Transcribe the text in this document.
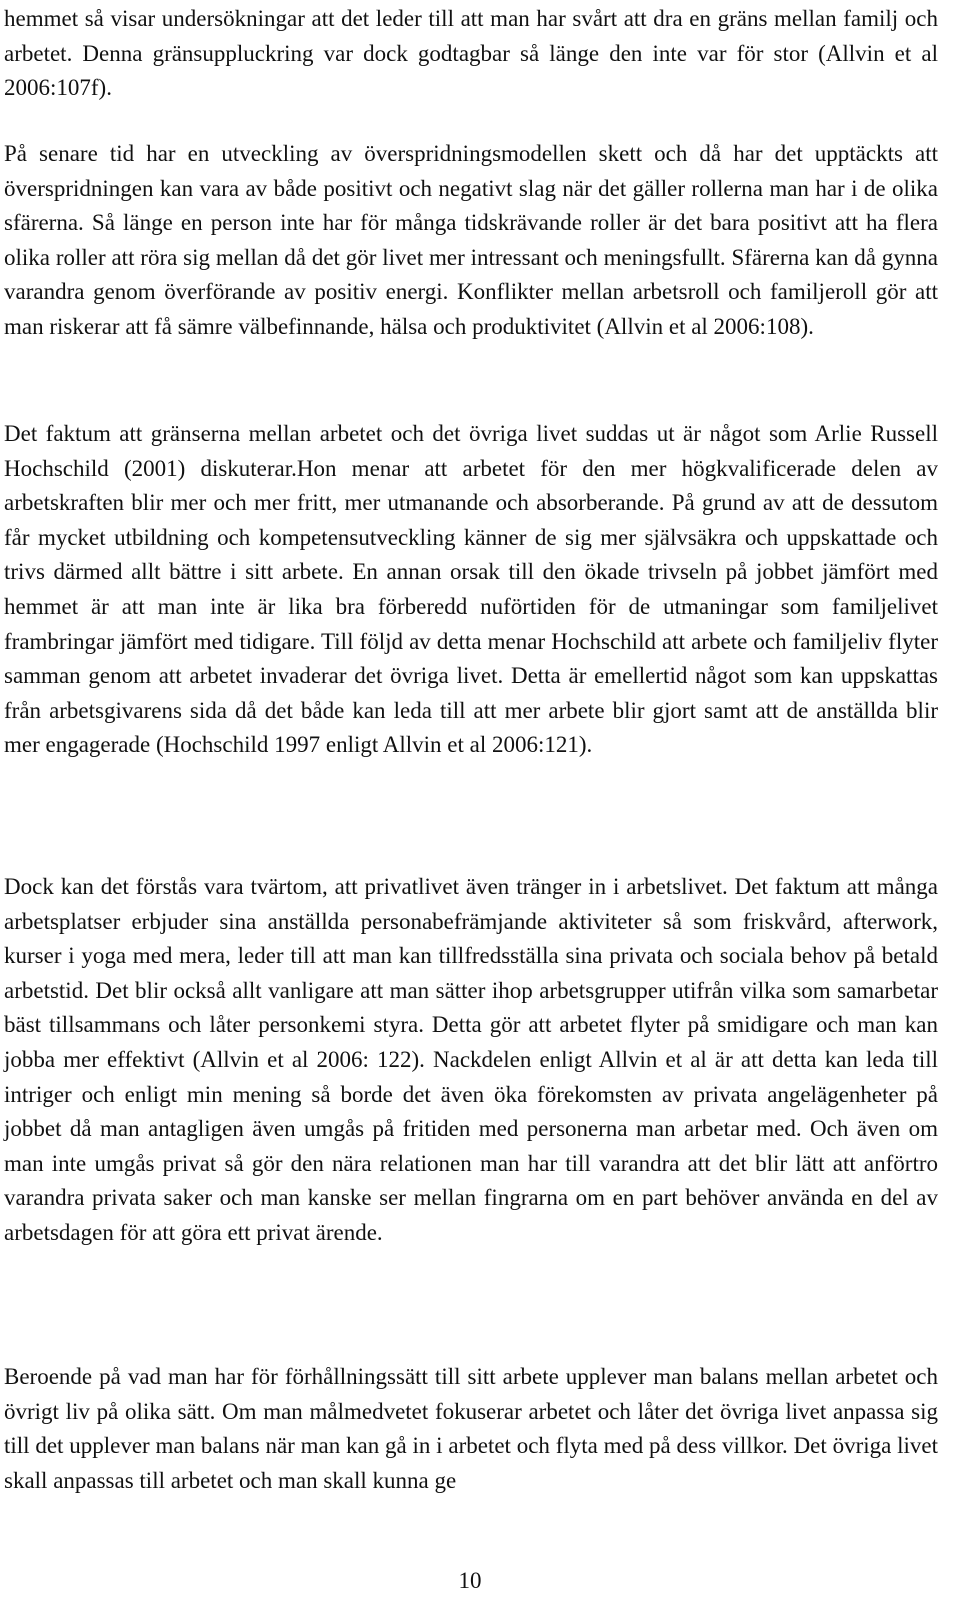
hemmet så visar undersökningar att det leder till att man har svårt att dra en gräns mellan familj och arbetet. Denna gränsuppluckring var dock godtagbar så länge den inte var för stor (Allvin et al 2006:107f).

På senare tid har en utveckling av överspridningsmodellen skett och då har det upptäckts att överspridningen kan vara av både positivt och negativt slag när det gäller rollerna man har i de olika sfärerna. Så länge en person inte har för många tidskrävande roller är det bara positivt att ha flera olika roller att röra sig mellan då det gör livet mer intressant och meningsfullt. Sfärerna kan då gynna varandra genom överförande av positiv energi. Konflikter mellan arbetsroll och familjeroll gör att man riskerar att få sämre välbefinnande, hälsa och produktivitet (Allvin et al 2006:108).

Det faktum att gränserna mellan arbetet och det övriga livet suddas ut är något som Arlie Russell Hochschild (2001) diskuterar.Hon menar att arbetet för den mer högkvalificerade delen av arbetskraften blir mer och mer fritt, mer utmanande och absorberande. På grund av att de dessutom får mycket utbildning och kompetensutveckling känner de sig mer självsäkra och uppskattade och trivs därmed allt bättre i sitt arbete. En annan orsak till den ökade trivseln på jobbet jämfört med hemmet är att man inte är lika bra förberedd nuförtiden för de utmaningar som familjelivet frambringar jämfört med tidigare. Till följd av detta menar Hochschild att arbete och familjeliv flyter samman genom att arbetet invaderar det övriga livet. Detta är emellertid något som kan uppskattas från arbetsgivarens sida då det både kan leda till att mer arbete blir gjort samt att de anställda blir mer engagerade (Hochschild 1997 enligt Allvin et al 2006:121).

Dock kan det förstås vara tvärtom, att privatlivet även tränger in i arbetslivet. Det faktum att många arbetsplatser erbjuder sina anställda personabefrämjande aktiviteter så som friskvård, afterwork, kurser i yoga med mera, leder till att man kan tillfredsställa sina privata och sociala behov på betald arbetstid. Det blir också allt vanligare att man sätter ihop arbetsgrupper utifrån vilka som samarbetar bäst tillsammans och låter personkemi styra. Detta gör att arbetet flyter på smidigare och man kan jobba mer effektivt (Allvin et al 2006: 122). Nackdelen enligt Allvin et al är att detta kan leda till intriger och enligt min mening så borde det även öka förekomsten av privata angelägenheter på jobbet då man antagligen även umgås på fritiden med personerna man arbetar med. Och även om man inte umgås privat så gör den nära relationen man har till varandra att det blir lätt att anförtro varandra privata saker och man kanske ser mellan fingrarna om en part behöver använda en del av arbetsdagen för att göra ett privat ärende.

Beroende på vad man har för förhållningssätt till sitt arbete upplever man balans mellan arbetet och övrigt liv på olika sätt. Om man målmedvetet fokuserar arbetet och låter det övriga livet anpassa sig till det upplever man balans när man kan gå in i arbetet och flyta med på dess villkor. Det övriga livet skall anpassas till arbetet och man skall kunna ge

10
